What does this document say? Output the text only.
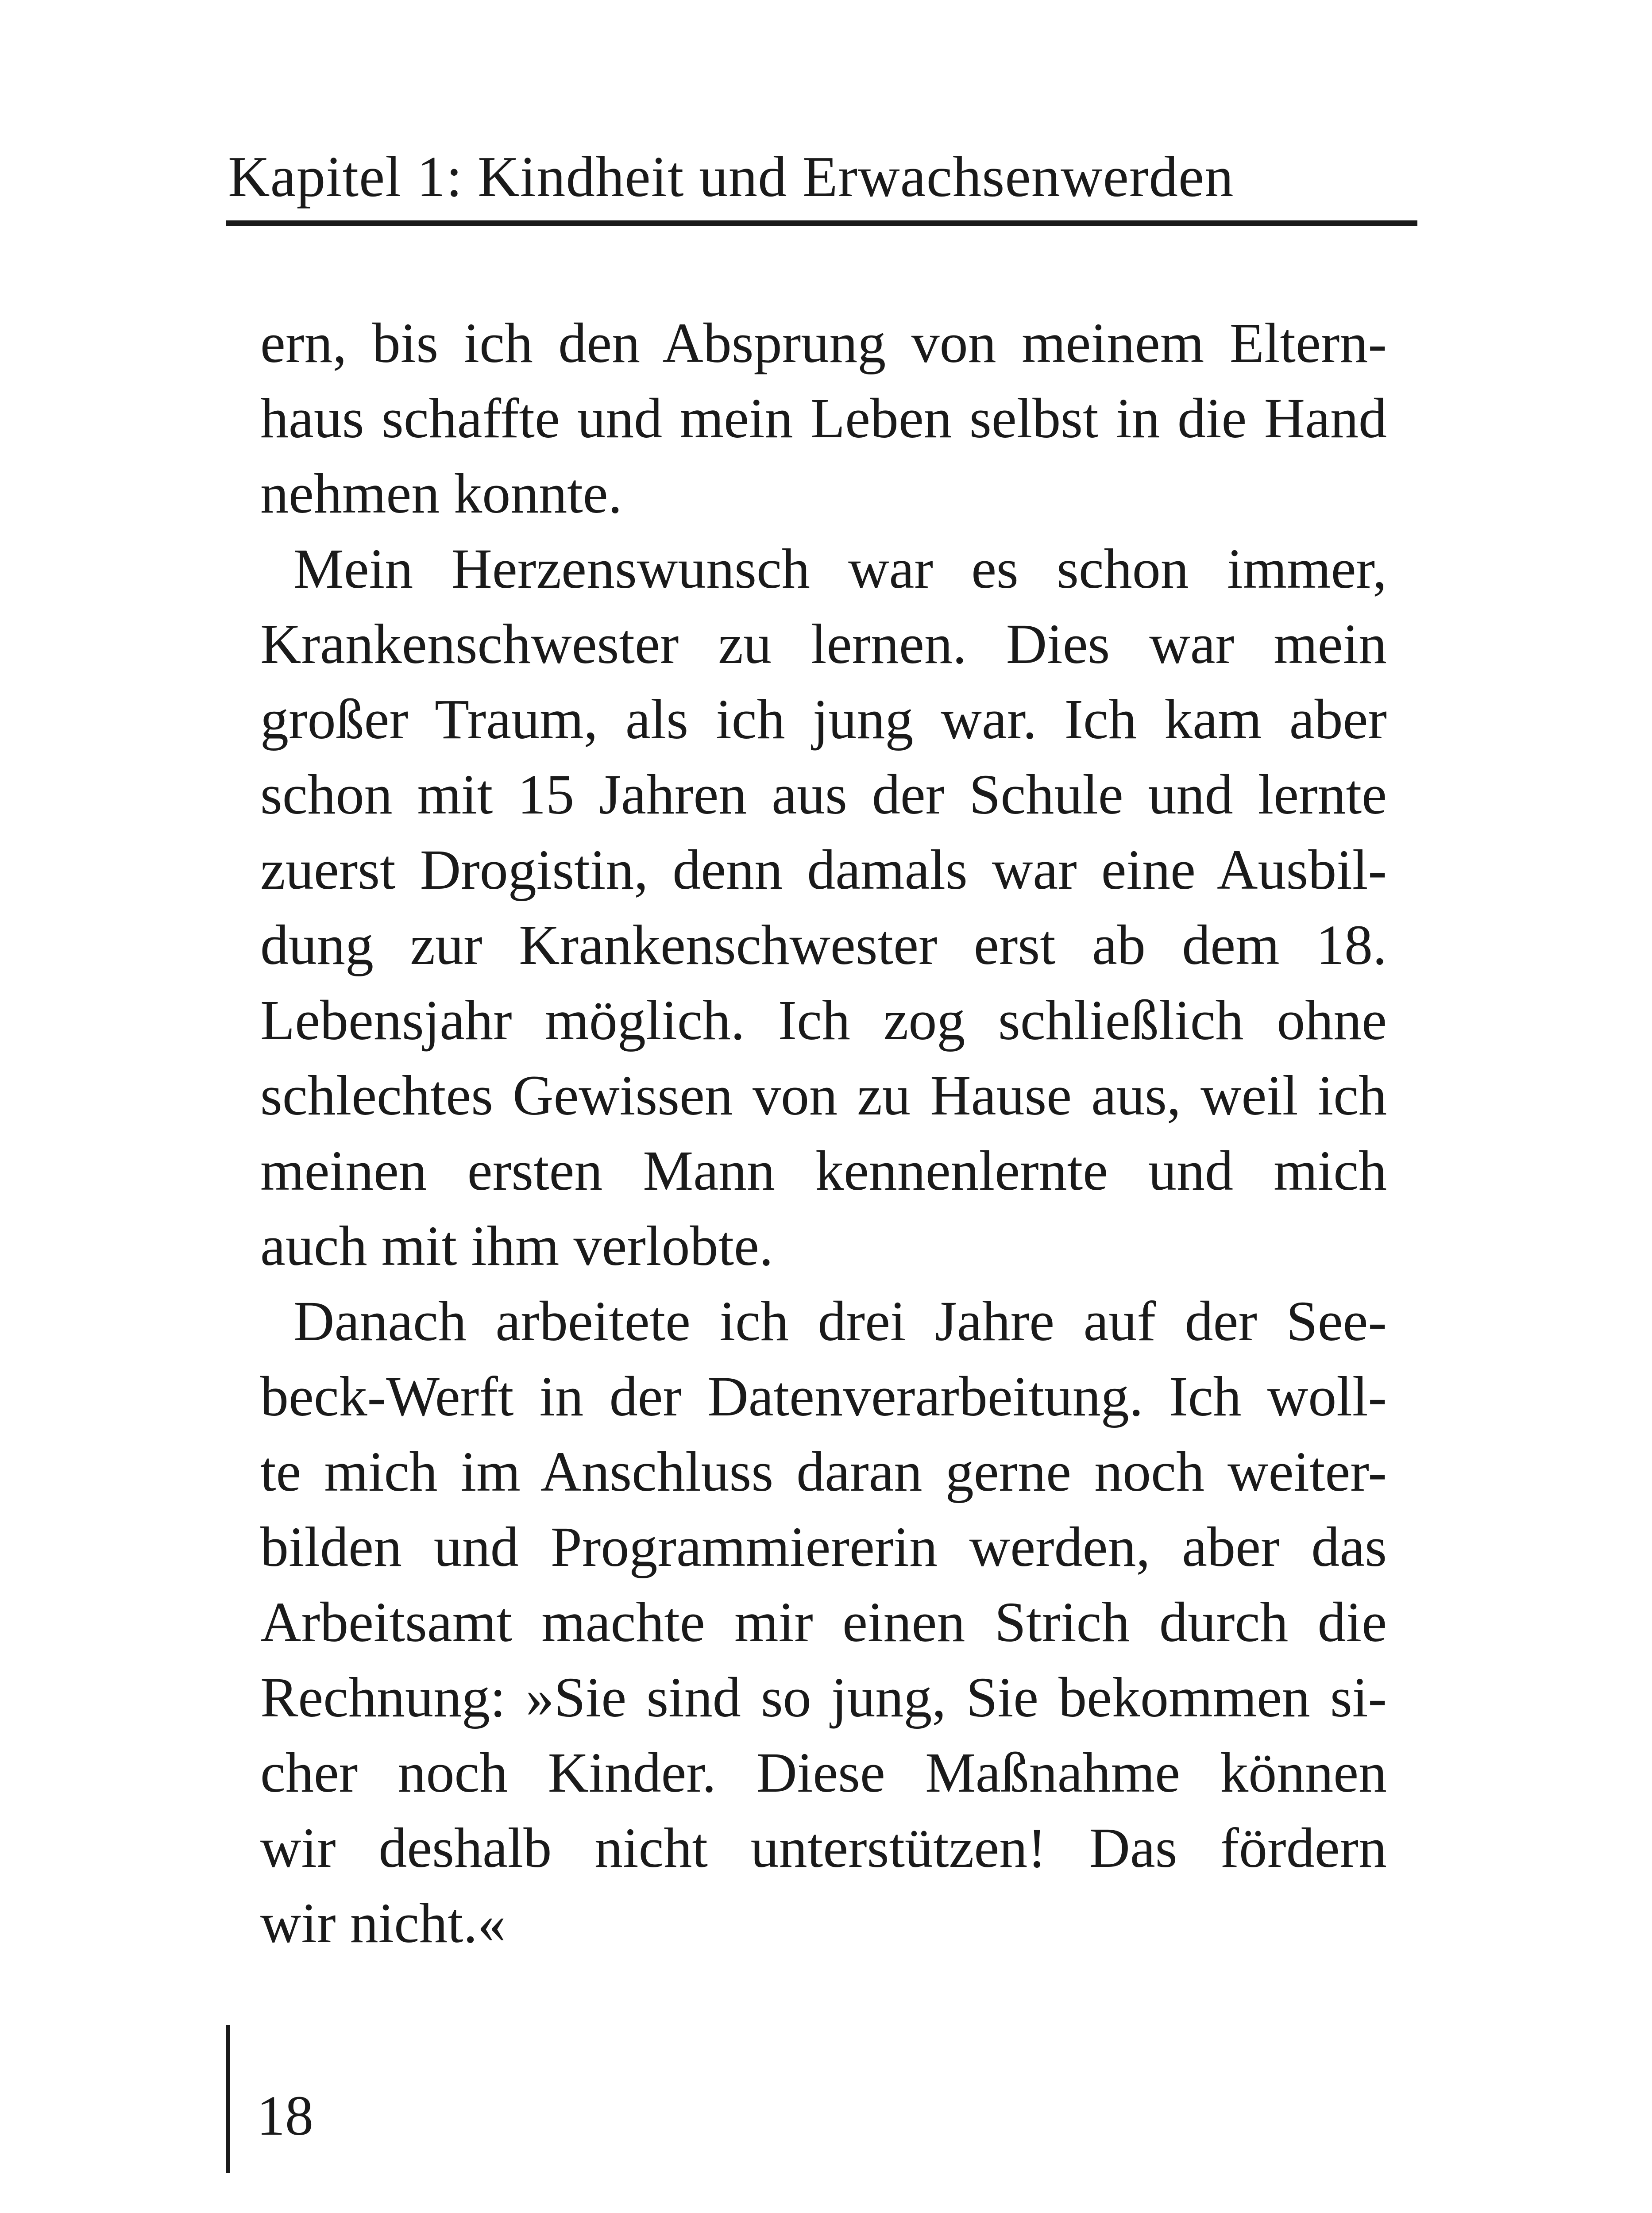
Kapitel 1: Kindheit und Erwachsenwerden
ern, bis ich den Absprung von meinem Eltern-
haus schaffte und mein Leben selbst in die Hand
nehmen konnte.
Mein Herzenswunsch war es schon immer,
Krankenschwester zu lernen. Dies war mein
großer Traum, als ich jung war. Ich kam aber
schon mit 15 Jahren aus der Schule und lernte
zuerst Drogistin, denn damals war eine Ausbil-
dung zur Krankenschwester erst ab dem 18.
Lebensjahr möglich. Ich zog schließlich ohne
schlechtes Gewissen von zu Hause aus, weil ich
meinen ersten Mann kennenlernte und mich
auch mit ihm verlobte.
Danach arbeitete ich drei Jahre auf der See-
beck-Werft in der Datenverarbeitung. Ich woll-
te mich im Anschluss daran gerne noch weiter-
bilden und Programmiererin werden, aber das
Arbeitsamt machte mir einen Strich durch die
Rechnung: »Sie sind so jung, Sie bekommen si-
cher noch Kinder. Diese Maßnahme können
wir deshalb nicht unterstützen! Das fördern
wir nicht.«
18
